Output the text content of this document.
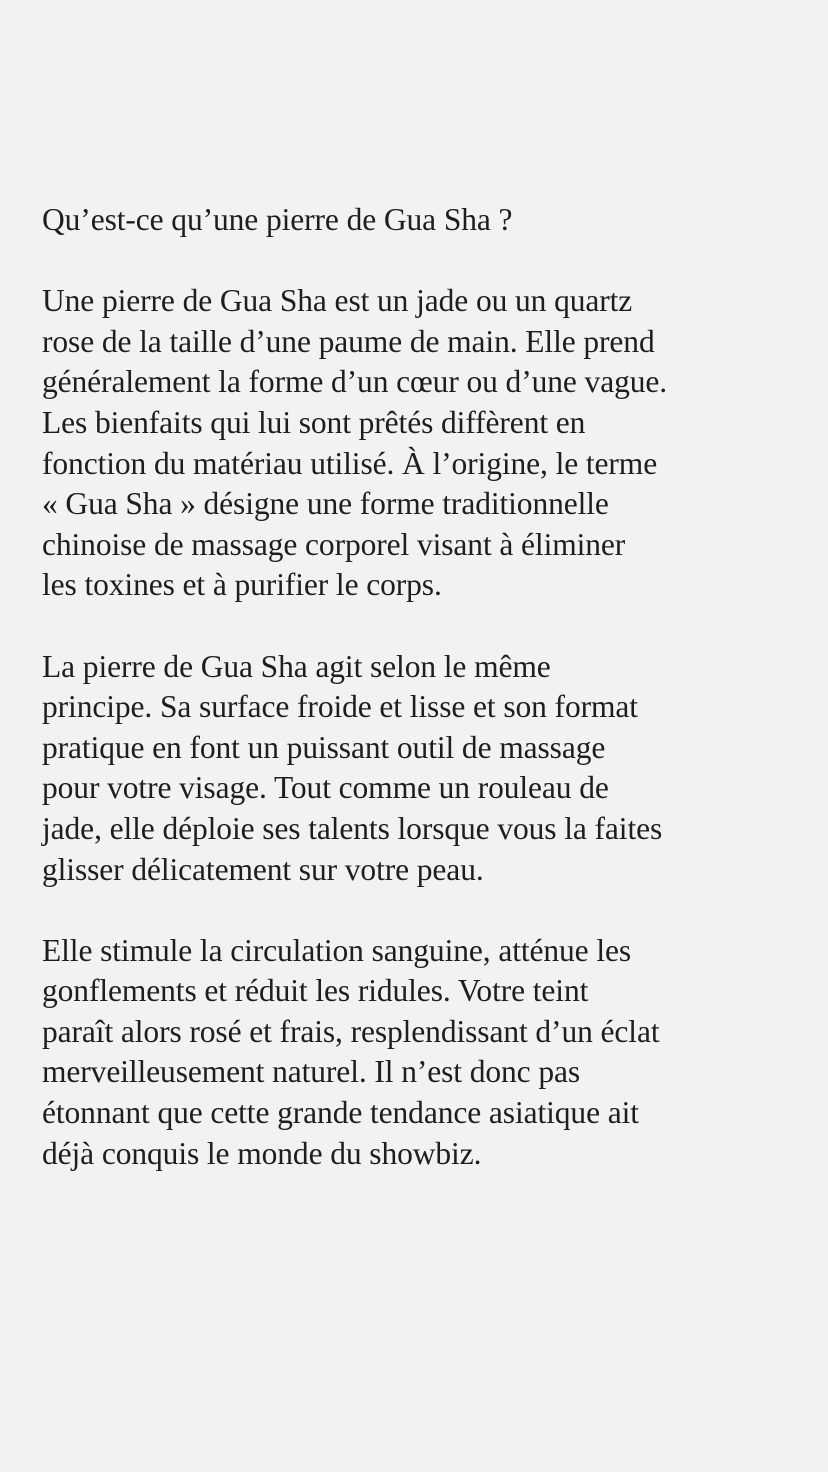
Qu’est-ce qu’une pierre de Gua Sha ?
Une pierre de Gua Sha est un jade ou un quartz
rose de la taille d’une paume de main. Elle prend
généralement la forme d’un cœur ou d’une vague.
Les bienfaits qui lui sont prêtés diffèrent en
fonction du matériau utilisé. À l’origine, le terme
« Gua Sha » désigne une forme traditionnelle
chinoise de massage corporel visant à éliminer
les toxines et à purifier le corps.
La pierre de Gua Sha agit selon le même
principe. Sa surface froide et lisse et son format
pratique en font un puissant outil de massage
pour votre visage. Tout comme un rouleau de
jade, elle déploie ses talents lorsque vous la faites
glisser délicatement sur votre peau.
Elle stimule la circulation sanguine, atténue les
gonflements et réduit les ridules. Votre teint
paraît alors rosé et frais, resplendissant d’un éclat
merveilleusement naturel. Il n’est donc pas
étonnant que cette grande tendance asiatique ait
déjà conquis le monde du showbiz.
